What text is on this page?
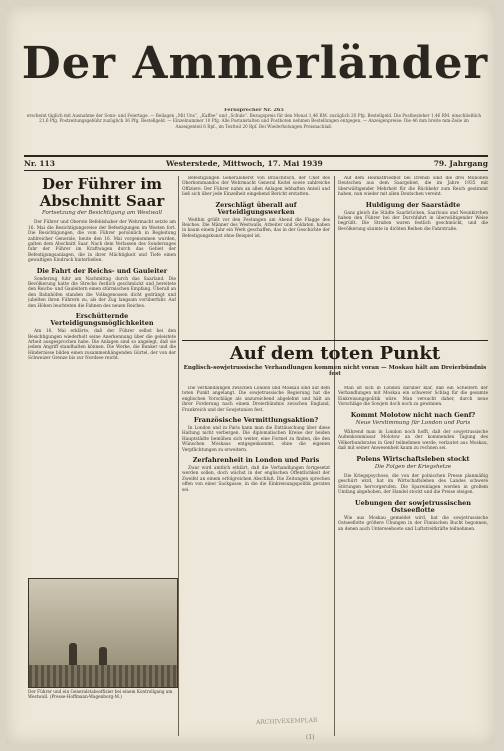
Der Ammerländer
Fernsprecher Nr. 265
erscheint täglich mit Ausnahme der Sonn- und Feiertage. — Beilagen „Mit Uns“, „Kaffee“ und „Schule“. Bezugspreis für den Monat 1,46 RM. zuzüglich 20 Pfg. Bestellgeld. Die Postbezieher 1,46 RM. einschließlich 21,6 Pfg. Postzeitungsgebühr zuzüglich 36 Pfg. Bestellgeld. — Einzelnummer 10 Pfg. Alle Postanstalten und Postboten nehmen Bestellungen entgegen. — Anzeigenpreise: Die 46 mm breite mm-Zeile im Anzeigenteil 6 Rpf., im Textteil 20 Rpf. Bei Wiederholungen Preisnachlaß.
Nr. 113	Westerstede, Mittwoch, 17. Mai 1939	79. Jahrgang
Der Führer im Abschnitt Saar
Fortsetzung der Besichtigung am Westwall
Der Führer und Oberste Befehlshaber der Wehrmacht setzte am 16. Mai die Besichtigungsreise der Befestigungen im Westen fort. Die Besichtigungen, die vom Führer persönlich in Begleitung zahlreicher Generale, heute den 16. Mai vorgenommen wurden, galten dem Abschnitt Saar. Nach dem Verlassen des Sonderzuges fuhr der Führer im Kraftwagen durch das Gebiet der Befestigungsanlagen, die in ihrer Mächtigkeit und Tiefe einen gewaltigen Eindruck hinterließen.
Die Fahrt der Reichs- und Gauleiter
Sonderzug fuhr am Nachmittag durch das Saarland. Die Bevölkerung hatte die Strecke festlich geschmückt und bereitete den Reichs- und Gauleitern einen stürmischen Empfang. Überall an den Bahnhöfen standen die Volksgenossen dicht gedrängt und jubelten ihren Führern zu, als der Zug langsam vorüberfuhr. Auf den Höhen leuchteten die Fahnen des neuen Reiches.
Erschütternde Verteidigungsmöglichkeiten
Am 16. Mai erklärte, daß der Führer selbst bei den Besichtigungen wiederholt seine Anerkennung über die geleistete Arbeit ausgesprochen habe. Die Anlagen sind so angelegt, daß sie jedem Angriff standhalten können. Die Werke, die Bunker und die Hindernisse bilden einen zusammenhängenden Gürtel, der von der Schweizer Grenze bis zur Nordsee reicht.
Der Führer und ein Generalstabsoffizier bei einem Kontrollgang am Westwall. (Presse-Hoffmann-Wagenborg-M.)
Befestigungen Generaloberst von Brauchitsch, der Chef des Oberkommandos der Wehrmacht General Keitel sowie zahlreiche Offiziere. Der Führer nahm an allen Anlagen lebhaften Anteil und ließ sich über jede Einzelheit eingehend Bericht erstatten.
Zerschlägt überall auf Verteidigungswerken
Weithin grüßt vor den Festungen am Abend die Flagge des Reiches. Die Männer des Westwalls, Arbeiter und Soldaten, haben in kaum einem Jahr ein Werk geschaffen, das in der Geschichte der Befestigungskunst ohne Beispiel ist.
Auf dem Heimatfriedhof bei Drensb sind die drei Millionen Deutschen aus dem Saargebiet, die im Jahre 1935 mit überwältigender Mehrheit für die Rückkehr zum Reich gestimmt haben, nun wieder mit allen Deutschen vereint.
Huldigung der Saarstädte
Ganz gleich die Städte Saarbrücken, Saarlouis und Neunkirchen haben den Führer bei der Durchfahrt in überwältigender Weise begrüßt. Die Straßen waren festlich geschmückt, und die Bevölkerung säumte in dichten Reihen die Fahrstraße.
Auf dem toten Punkt
Englisch-sowjetrussische Verhandlungen kommen nicht voran — Moskau hält am Dreierbündnis fest
Die Verhandlungen zwischen London und Moskau sind auf dem toten Punkt angelangt. Die sowjetrussische Regierung hat die englischen Vorschläge als unzureichend abgelehnt und hält an ihrer Forderung nach einem Dreierbündnis zwischen England, Frankreich und der Sowjetunion fest.
Französische Vermittlungsaktion?
In London und in Paris kann man die Enttäuschung über diese Haltung nicht verbergen. Die diplomatischen Kreise der beiden Hauptstädte bemühen sich weiter, eine Formel zu finden, die den Wünschen Moskaus entgegenkommt, ohne die eigenen Verpflichtungen zu erweitern.
Zerfahrenheit in London und Paris
Zwar wird amtlich erklärt, daß die Verhandlungen fortgesetzt werden sollen, doch wächst in der englischen Öffentlichkeit der Zweifel an einem erfolgreichen Abschluß. Die Zeitungen sprechen offen von einer Sackgasse, in die die Einkreisungspolitik geraten sei.
Man ist sich in London darüber klar, daß ein Scheitern der Verhandlungen mit Moskau ein schwerer Schlag für die gesamte Einkreisungspolitik wäre. Man versucht daher, durch neue Vorschläge die Sowjets doch noch zu gewinnen.
Kommt Molotow nicht nach Genf?
Neue Verstimmung für London und Paris
Während man in London noch hofft, daß der sowjetrussische Außenkommissar Molotow an der kommenden Tagung des Völkerbundsrates in Genf teilnehmen werde, verlautet aus Moskau, daß mit seiner Anwesenheit kaum zu rechnen sei.
Polens Wirtschaftsleben stockt
Die Folgen der Kriegshetze
Die Kriegspsychose, die von der polnischen Presse planmäßig geschürt wird, hat im Wirtschaftsleben des Landes schwere Störungen hervorgerufen. Die Spareinlagen werden in großem Umfang abgehoben, der Handel stockt und die Preise steigen.
Uebungen der sowjetrussischen Ostseeflotte
Wie aus Moskau gemeldet wird, hat die sowjetrussische Ostseeflotte größere Übungen in der Finnischen Bucht begonnen, an denen auch Unterseeboote und Luftstreitkräfte teilnehmen.
ARCHIVEXEMPLAR
(1)
